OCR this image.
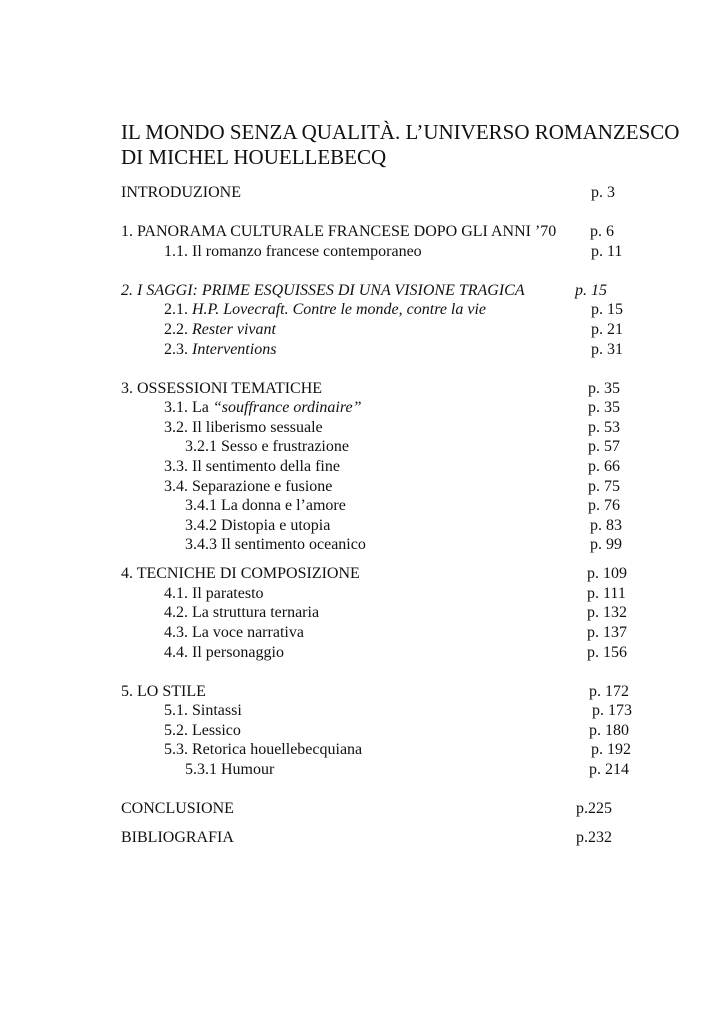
IL MONDO SENZA QUALITÀ. L’UNIVERSO ROMANZESCO
DI MICHEL HOUELLEBECQ
INTRODUZIONE	p. 3
1. PANORAMA CULTURALE FRANCESE DOPO GLI ANNI ’70 p. 6
1.1. Il romanzo francese contemporaneo	p. 11
2. I SAGGI: PRIME ESQUISSES DI UNA VISIONE TRAGICA	p. 15
2.1. H.P. Lovecraft. Contre le monde, contre la vie	p. 15
2.2. Rester vivant	p. 21
2.3. Interventions	p. 31
3. OSSESSIONI TEMATICHE	p. 35
3.1. La “souffrance ordinaire”	p. 35
3.2. Il liberismo sessuale	p. 53
3.2.1 Sesso e frustrazione	p. 57
3.3. Il sentimento della fine	p. 66
3.4. Separazione e fusione	p. 75
3.4.1 La donna e l’amore	p. 76
3.4.2 Distopia e utopia	p. 83
3.4.3 Il sentimento oceanico	p. 99
4. TECNICHE DI COMPOSIZIONE	p. 109
4.1. Il paratesto	p. 111
4.2. La struttura ternaria	p. 132
4.3. La voce narrativa	p. 137
4.4. Il personaggio	p. 156
5. LO STILE	p. 172
5.1. Sintassi	p. 173
5.2. Lessico	p. 180
5.3. Retorica houellebecquiana	p. 192
5.3.1 Humour	p. 214
CONCLUSIONE	p.225
BIBLIOGRAFIA	p.232
